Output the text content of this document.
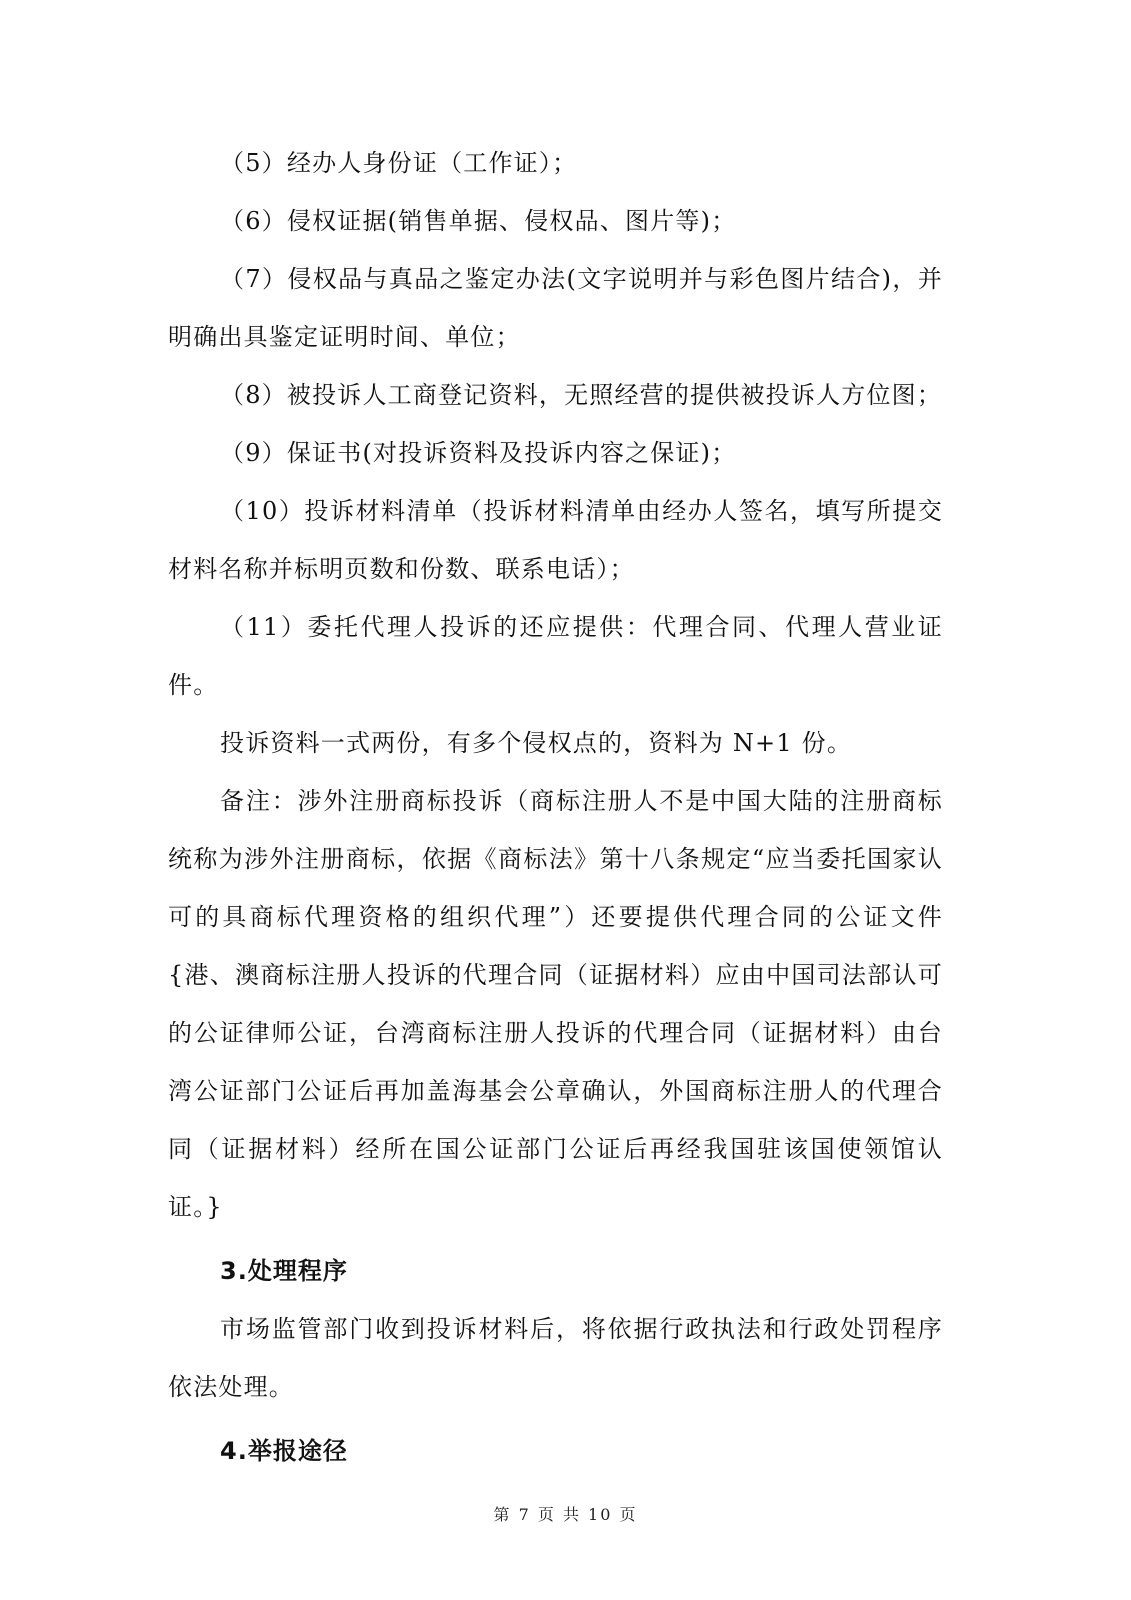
（5）经办人身份证（工作证）；

（6）侵权证据(销售单据、侵权品、图片等)；

（7）侵权品与真品之鉴定办法(文字说明并与彩色图片结合)，并明确出具鉴定证明时间、单位；

（8）被投诉人工商登记资料，无照经营的提供被投诉人方位图；

（9）保证书(对投诉资料及投诉内容之保证)；

（10）投诉材料清单（投诉材料清单由经办人签名，填写所提交材料名称并标明页数和份数、联系电话）；

（11）委托代理人投诉的还应提供：代理合同、代理人营业证件。

投诉资料一式两份，有多个侵权点的，资料为 N+1 份。

备注：涉外注册商标投诉（商标注册人不是中国大陆的注册商标统称为涉外注册商标，依据《商标法》第十八条规定“应当委托国家认可的具商标代理资格的组织代理”）还要提供代理合同的公证文件{港、澳商标注册人投诉的代理合同（证据材料）应由中国司法部认可的公证律师公证，台湾商标注册人投诉的代理合同（证据材料）由台湾公证部门公证后再加盖海基会公章确认，外国商标注册人的代理合同（证据材料）经所在国公证部门公证后再经我国驻该国使领馆认证。}

3.处理程序

市场监管部门收到投诉材料后，将依据行政执法和行政处罚程序依法处理。

4.举报途径

第 7 页 共 10 页
